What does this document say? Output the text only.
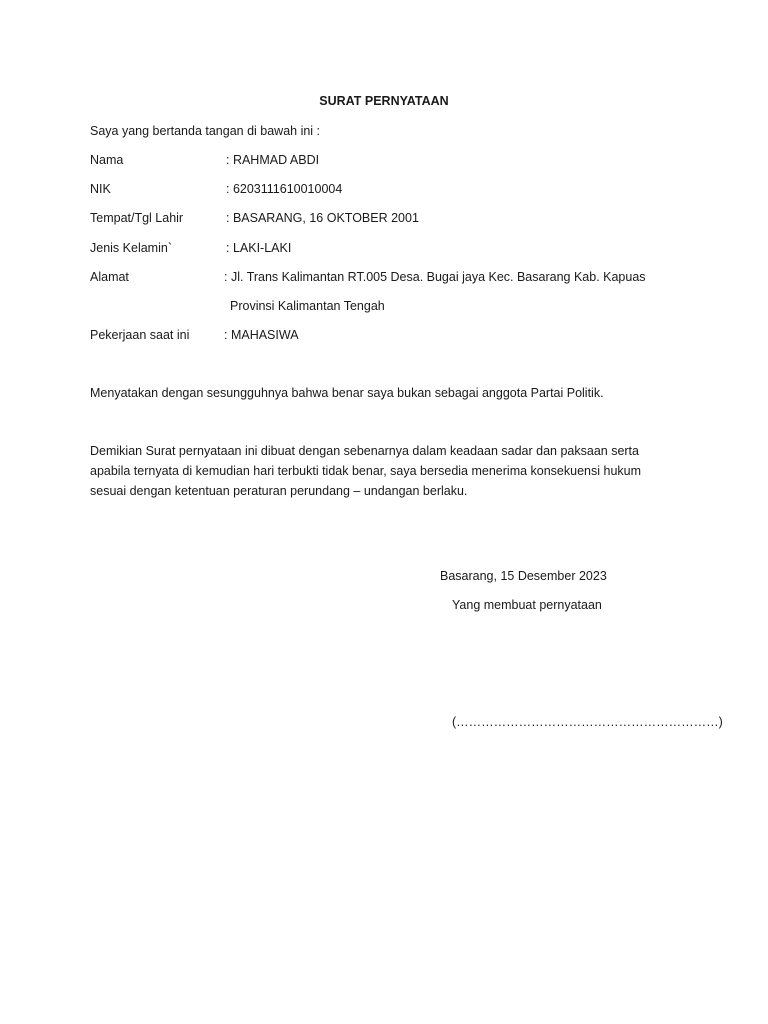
SURAT PERNYATAAN
Saya yang bertanda tangan di bawah ini :
Nama	: RAHMAD ABDI
NIK	: 6203111610010004
Tempat/Tgl Lahir	: BASARANG, 16 OKTOBER 2001
Jenis Kelamin`	: LAKI-LAKI
Alamat	: Jl. Trans Kalimantan RT.005 Desa. Bugai jaya Kec. Basarang Kab. Kapuas
Provinsi Kalimantan Tengah
Pekerjaan saat ini	: MAHASIWA
Menyatakan dengan sesungguhnya bahwa benar saya bukan sebagai anggota Partai Politik.
Demikian Surat pernyataan ini dibuat dengan sebenarnya dalam keadaan sadar dan paksaan serta
apabila ternyata di kemudian hari terbukti tidak benar, saya bersedia menerima konsekuensi hukum
sesuai dengan ketentuan peraturan perundang – undangan berlaku.
Basarang, 15 Desember 2023
Yang membuat pernyataan
(………………………………………………………)
